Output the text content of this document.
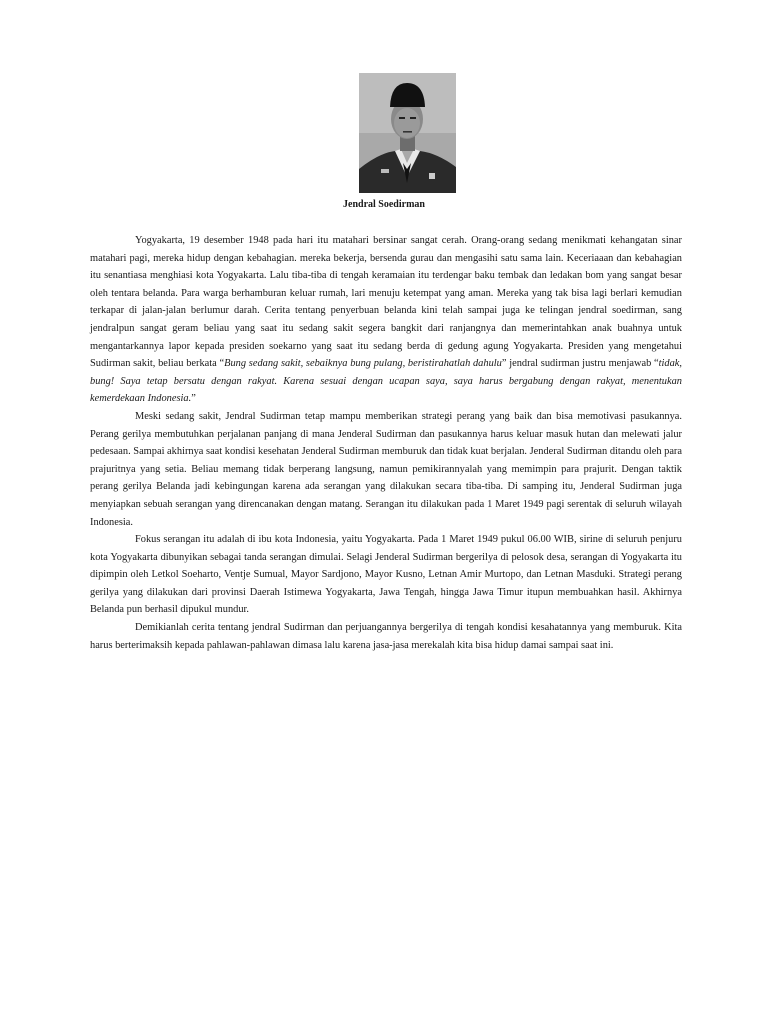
Jendral Soedirman

Yogyakarta, 19 desember 1948 pada hari itu matahari bersinar sangat cerah. Orang-orang sedang menikmati kehangatan sinar matahari pagi, mereka hidup dengan kebahagian. mereka bekerja, bersenda gurau dan mengasihi satu sama lain. Keceriaaan dan kebahagian itu senantiasa menghiasi kota Yogyakarta. Lalu tiba-tiba di tengah keramaian itu terdengar baku tembak dan ledakan bom yang sangat besar oleh tentara belanda. Para warga berhamburan keluar rumah, lari menuju ketempat yang aman. Mereka yang tak bisa lagi berlari kemudian terkapar di jalan-jalan berlumur darah. Cerita tentang penyerbuan belanda kini telah sampai juga ke telingan jendral soedirman, sang jendralpun sangat geram beliau yang saat itu sedang sakit segera bangkit dari ranjangnya dan memerintahkan anak buahnya untuk mengantarkannya lapor kepada presiden soekarno yang saat itu sedang berda di gedung agung Yogyakarta. Presiden yang mengetahui Sudirman sakit, beliau berkata “Bung sedang sakit, sebaiknya bung pulang, beristirahatlah dahulu” jendral sudirman justru menjawab “tidak, bung! Saya tetap bersatu dengan rakyat. Karena sesuai dengan ucapan saya, saya harus bergabung dengan rakyat, menentukan kemerdekaan Indonesia.”

Meski sedang sakit, Jendral Sudirman tetap mampu memberikan strategi perang yang baik dan bisa memotivasi pasukannya. Perang gerilya membutuhkan perjalanan panjang di mana Jenderal Sudirman dan pasukannya harus keluar masuk hutan dan melewati jalur pedesaan. Sampai akhirnya saat kondisi kesehatan Jenderal Sudirman memburuk dan tidak kuat berjalan. Jenderal Sudirman ditandu oleh para prajuritnya yang setia. Beliau memang tidak berperang langsung, namun pemikirannyalah yang memimpin para prajurit. Dengan taktik perang gerilya Belanda jadi kebingungan karena ada serangan yang dilakukan secara tiba-tiba. Di samping itu, Jenderal Sudirman juga menyiapkan sebuah serangan yang direncanakan dengan matang. Serangan itu dilakukan pada 1 Maret 1949 pagi serentak di seluruh wilayah Indonesia.

Fokus serangan itu adalah di ibu kota Indonesia, yaitu Yogyakarta. Pada 1 Maret 1949 pukul 06.00 WIB, sirine di seluruh penjuru kota Yogyakarta dibunyikan sebagai tanda serangan dimulai. Selagi Jenderal Sudirman bergerilya di pelosok desa, serangan di Yogyakarta itu dipimpin oleh Letkol Soeharto, Ventje Sumual, Mayor Sardjono, Mayor Kusno, Letnan Amir Murtopo, dan Letnan Masduki. Strategi perang gerilya yang dilakukan dari provinsi Daerah Istimewa Yogyakarta, Jawa Tengah, hingga Jawa Timur itupun membuahkan hasil. Akhirnya Belanda pun berhasil dipukul mundur.

Demikianlah cerita tentang jendral Sudirman dan perjuangannya bergerilya di tengah kondisi kesahatannya yang memburuk. Kita harus berterimaksih kepada pahlawan-pahlawan dimasa lalu karena jasa-jasa merekalah kita bisa hidup damai sampai saat ini.
